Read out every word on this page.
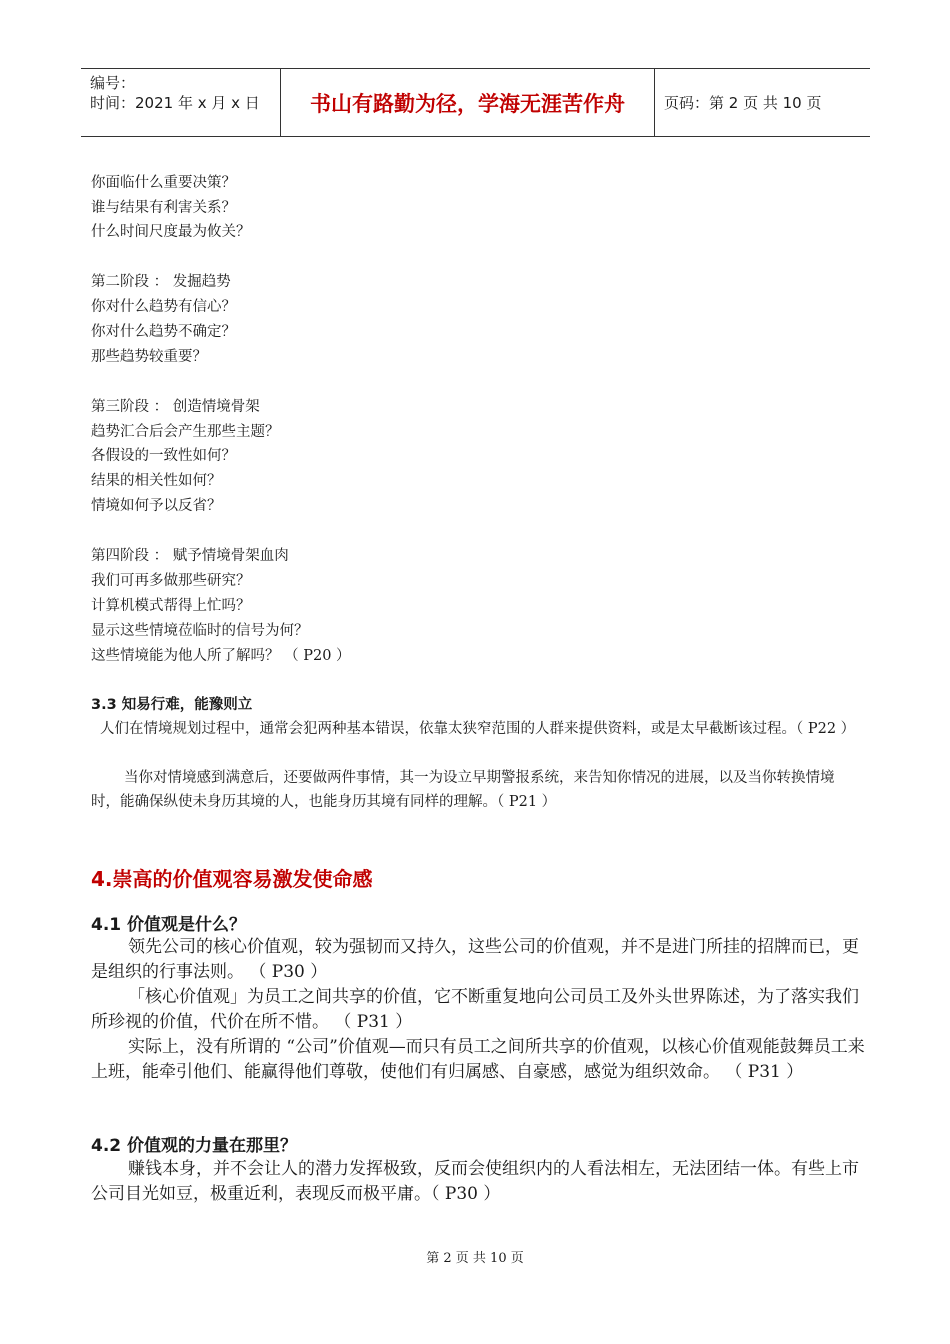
编号：
时间：2021 年 x 月 x 日	书山有路勤为径，学海无涯苦作舟	页码：第 2 页 共 10 页
你面临什么重要决策？
谁与结果有利害关系？
什么时间尺度最为攸关？
第二阶段 ： 发掘趋势
你对什么趋势有信心？
你对什么趋势不确定？
那些趋势较重要？
第三阶段 ： 创造情境骨架
趋势汇合后会产生那些主题？
各假设的一致性如何？
结果的相关性如何？
情境如何予以反省？
第四阶段 ： 赋予情境骨架血肉
我们可再多做那些研究？
计算机模式帮得上忙吗？
显示这些情境莅临时的信号为何？
这些情境能为他人所了解吗？ （ P20 ）
3.3 知易行难，能豫则立
人们在情境规划过程中，通常会犯两种基本错误，依靠太狭窄范围的人群来提供资料，或是太早截断该过程。（ P22 ）
当你对情境感到满意后，还要做两件事情，其一为设立早期警报系统，来告知你情况的进展，以及当你转换情境时，能确保纵使未身历其境的人，也能身历其境有同样的理解。（ P21 ）
4.崇高的价值观容易激发使命感
4.1 价值观是什么？
领先公司的核心价值观，较为强韧而又持久，这些公司的价值观，并不是进门所挂的招牌而已，更是组织的行事法则。 （ P30 ）
「核心价值观」为员工之间共享的价值，它不断重复地向公司员工及外头世界陈述，为了落实我们所珍视的价值，代价在所不惜。 （ P31 ）
实际上，没有所谓的 “公司”价值观—而只有员工之间所共享的价值观，以核心价值观能鼓舞员工来上班，能牵引他们、能赢得他们尊敬，使他们有归属感、自豪感，感觉为组织效命。 （ P31 ）
4.2 价值观的力量在那里？
赚钱本身，并不会让人的潜力发挥极致，反而会使组织内的人看法相左，无法团结一体。有些上市公司目光如豆，极重近利，表现反而极平庸。（ P30 ）
第 2 页 共 10 页
